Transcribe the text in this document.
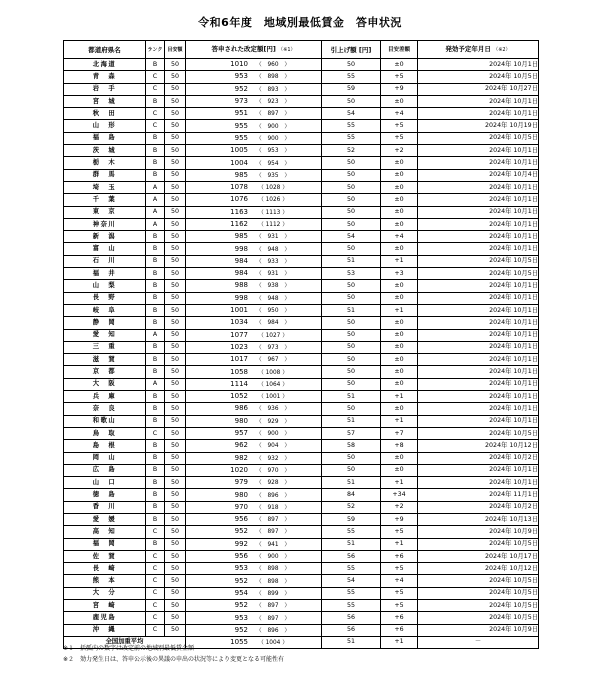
令和6年度　地域別最低賃金　答申状況
都道府県名	ランク	目安額	答申された改定額[円] （※1）	引上げ額 [円]	目安差額	発効予定年月日 （※2）
北海道	B	50	1010 （　960　）	50	±0	2024年 10月1日
青　森	C	50	953 （　898　）	55	+5	2024年 10月5日
岩　手	C	50	952 （　893　）	59	+9	2024年 10月27日
宮　城	B	50	973 （　923　）	50	±0	2024年 10月1日
秋　田	C	50	951 （　897　）	54	+4	2024年 10月1日
山　形	C	50	955 （　900　）	55	+5	2024年 10月19日
福　島	B	50	955 （　900　）	55	+5	2024年 10月5日
茨　城	B	50	1005 （　953　）	52	+2	2024年 10月1日
栃　木	B	50	1004 （　954　）	50	±0	2024年 10月1日
群　馬	B	50	985 （　935　）	50	±0	2024年 10月4日
埼　玉	A	50	1078 （ 1028 ）	50	±0	2024年 10月1日
千　葉	A	50	1076 （ 1026 ）	50	±0	2024年 10月1日
東　京	A	50	1163 （ 1113 ）	50	±0	2024年 10月1日
神奈川	A	50	1162 （ 1112 ）	50	±0	2024年 10月1日
新　潟	B	50	985 （　931　）	54	+4	2024年 10月1日
富　山	B	50	998 （　948　）	50	±0	2024年 10月1日
石　川	B	50	984 （　933　）	51	+1	2024年 10月5日
福　井	B	50	984 （　931　）	53	+3	2024年 10月5日
山　梨	B	50	988 （　938　）	50	±0	2024年 10月1日
長　野	B	50	998 （　948　）	50	±0	2024年 10月1日
岐　阜	B	50	1001 （　950　）	51	+1	2024年 10月1日
静　岡	B	50	1034 （　984　）	50	±0	2024年 10月1日
愛　知	A	50	1077 （ 1027 ）	50	±0	2024年 10月1日
三　重	B	50	1023 （　973　）	50	±0	2024年 10月1日
滋　賀	B	50	1017 （　967　）	50	±0	2024年 10月1日
京　都	B	50	1058 （ 1008 ）	50	±0	2024年 10月1日
大　阪	A	50	1114 （ 1064 ）	50	±0	2024年 10月1日
兵　庫	B	50	1052 （ 1001 ）	51	+1	2024年 10月1日
奈　良	B	50	986 （　936　）	50	±0	2024年 10月1日
和歌山	B	50	980 （　929　）	51	+1	2024年 10月1日
鳥　取	C	50	957 （　900　）	57	+7	2024年 10月5日
島　根	B	50	962 （　904　）	58	+8	2024年 10月12日
岡　山	B	50	982 （　932　）	50	±0	2024年 10月2日
広　島	B	50	1020 （　970　）	50	±0	2024年 10月1日
山　口	B	50	979 （　928　）	51	+1	2024年 10月1日
徳　島	B	50	980 （　896　）	84	+34	2024年 11月1日
香　川	B	50	970 （　918　）	52	+2	2024年 10月2日
愛　媛	B	50	956 （　897　）	59	+9	2024年 10月13日
高　知	C	50	952 （　897　）	55	+5	2024年 10月9日
福　岡	B	50	992 （　941　）	51	+1	2024年 10月5日
佐　賀	C	50	956 （　900　）	56	+6	2024年 10月17日
長　崎	C	50	953 （　898　）	55	+5	2024年 10月12日
熊　本	C	50	952 （　898　）	54	+4	2024年 10月5日
大　分	C	50	954 （　899　）	55	+5	2024年 10月5日
宮　崎	C	50	952 （　897　）	55	+5	2024年 10月5日
鹿児島	C	50	953 （　897　）	56	+6	2024年 10月5日
沖　縄	C	50	952 （　896　）	56	+6	2024年 10月9日
全国加重平均			1055 （ 1004 ）	51	+1	－
※１　括弧内の数字は改定前の地域別最低賃金額
※２　効力発生日は、答申公示後の異議の申出の状況等により変更となる可能性有
